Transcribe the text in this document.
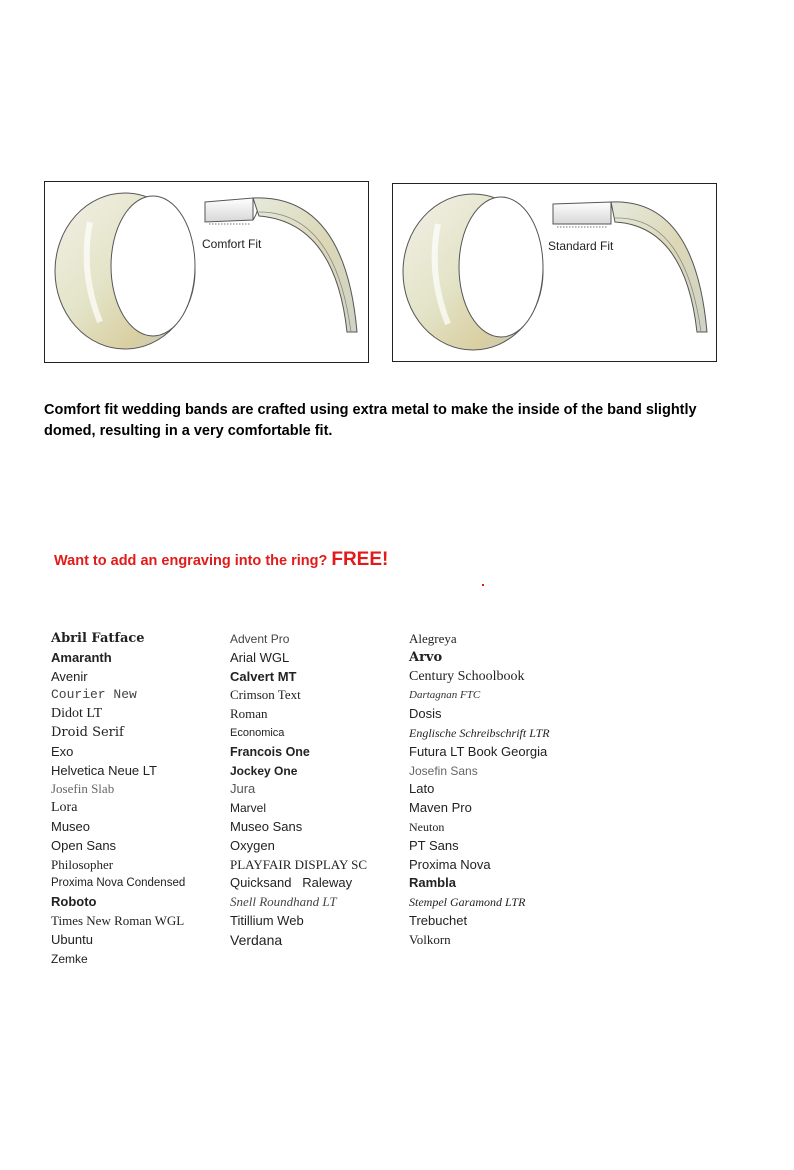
Comfort Fit	Standard Fit
Comfort fit wedding bands are crafted using extra metal to make the inside of the band slightly domed, resulting in a very comfortable fit.
Want to add an engraving into the ring? FREE!
Abril Fatface
Amaranth
Avenir
Courier New
Didot LT
Droid Serif
Exo
Helvetica Neue LT
Josefin Slab
Lora
Museo
Open Sans
Philosopher
Proxima Nova Condensed
Roboto
Times New Roman WGL
Ubuntu
Zemke
Advent Pro
Arial WGL
Calvert MT
Crimson Text
Roman
Economica
Francois One
Jockey One
Jura
Marvel
Museo Sans
Oxygen
PLAYFAIR DISPLAY SC
Quicksand   Raleway
Snell Roundhand LT
Titillium Web
Verdana
Alegreya
Arvo
Century Schoolbook
Dartagnan FTC
Dosis
Englische Schreibschrift LTR
Futura LT Book Georgia
Josefin Sans
Lato
Maven Pro
Neuton
PT Sans
Proxima Nova
Rambla
Stempel Garamond LTR
Trebuchet
Volkorn
